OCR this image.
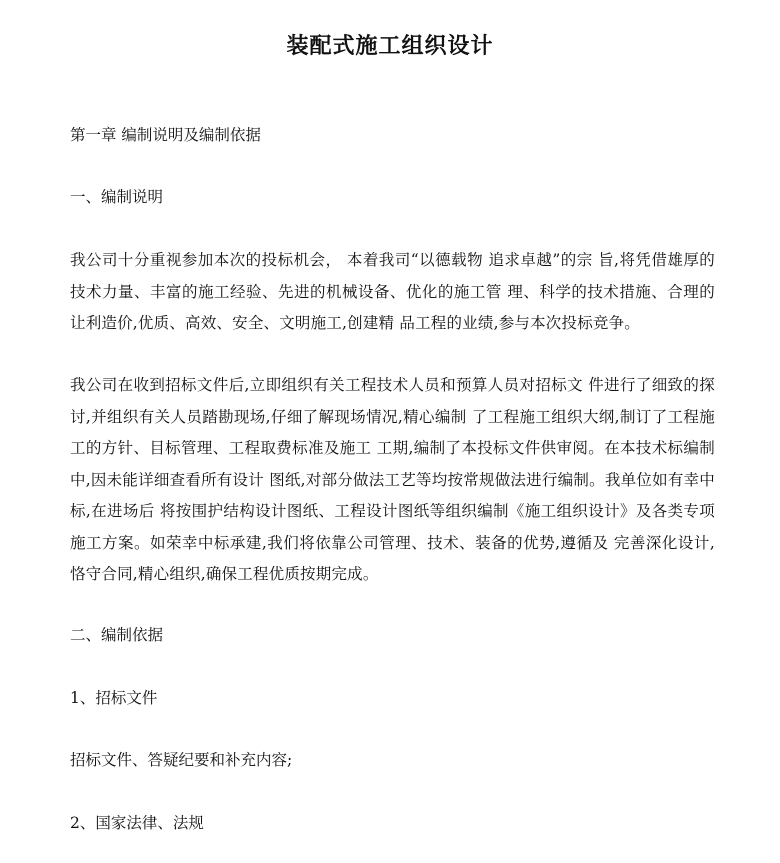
装配式施工组织设计
第一章 编制说明及编制依据
一、编制说明

我公司十分重视参加本次的投标机会， 本着我司“以德载物 追求卓越”的宗 旨,将凭借雄厚的技术力量、丰富的施工经验、先进的机械设备、优化的施工管 理、科学的技术措施、合理的让利造价,优质、高效、安全、文明施工,创建精 品工程的业绩,参与本次投标竞争。

我公司在收到招标文件后,立即组织有关工程技术人员和预算人员对招标文 件进行了细致的探讨,并组织有关人员踏勘现场,仔细了解现场情况,精心编制 了工程施工组织大纲,制订了工程施工的方针、目标管理、工程取费标准及施工 工期,编制了本投标文件供审阅。在本技术标编制中,因未能详细查看所有设计 图纸,对部分做法工艺等均按常规做法进行编制。我单位如有幸中标,在进场后 将按围护结构设计图纸、工程设计图纸等组织编制《施工组织设计》及各类专项 施工方案。如荣幸中标承建,我们将依靠公司管理、技术、装备的优势,遵循及 完善深化设计,恪守合同,精心组织,确保工程优质按期完成。

二、编制依据
1、招标文件
招标文件、答疑纪要和补充内容;
2、国家法律、法规
